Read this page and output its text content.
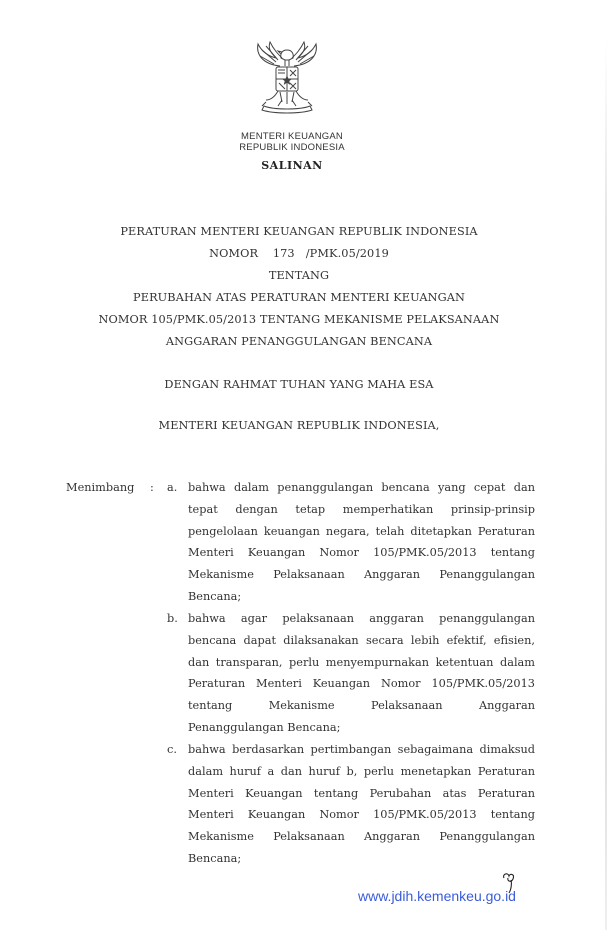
MENTERI KEUANGAN
REPUBLIK INDONESIA
SALINAN
PERATURAN MENTERI KEUANGAN REPUBLIK INDONESIA
NOMOR 173 /PMK.05/2019
TENTANG
PERUBAHAN ATAS PERATURAN MENTERI KEUANGAN
NOMOR 105/PMK.05/2013 TENTANG MEKANISME PELAKSANAAN
ANGGARAN PENANGGULANGAN BENCANA
DENGAN RAHMAT TUHAN YANG MAHA ESA
MENTERI KEUANGAN REPUBLIK INDONESIA,
Menimbang : a. bahwa dalam penanggulangan bencana yang cepat dan
tepat dengan tetap memperhatikan prinsip-prinsip
pengelolaan keuangan negara, telah ditetapkan Peraturan
Menteri Keuangan Nomor 105/PMK.05/2013 tentang
Mekanisme Pelaksanaan Anggaran Penanggulangan
Bencana;
b. bahwa agar pelaksanaan anggaran penanggulangan
bencana dapat dilaksanakan secara lebih efektif, efisien,
dan transparan, perlu menyempurnakan ketentuan dalam
Peraturan Menteri Keuangan Nomor 105/PMK.05/2013
tentang Mekanisme Pelaksanaan Anggaran
Penanggulangan Bencana;
c. bahwa berdasarkan pertimbangan sebagaimana dimaksud
dalam huruf a dan huruf b, perlu menetapkan Peraturan
Menteri Keuangan tentang Perubahan atas Peraturan
Menteri Keuangan Nomor 105/PMK.05/2013 tentang
Mekanisme Pelaksanaan Anggaran Penanggulangan
Bencana;
www.jdih.kemenkeu.go.id
